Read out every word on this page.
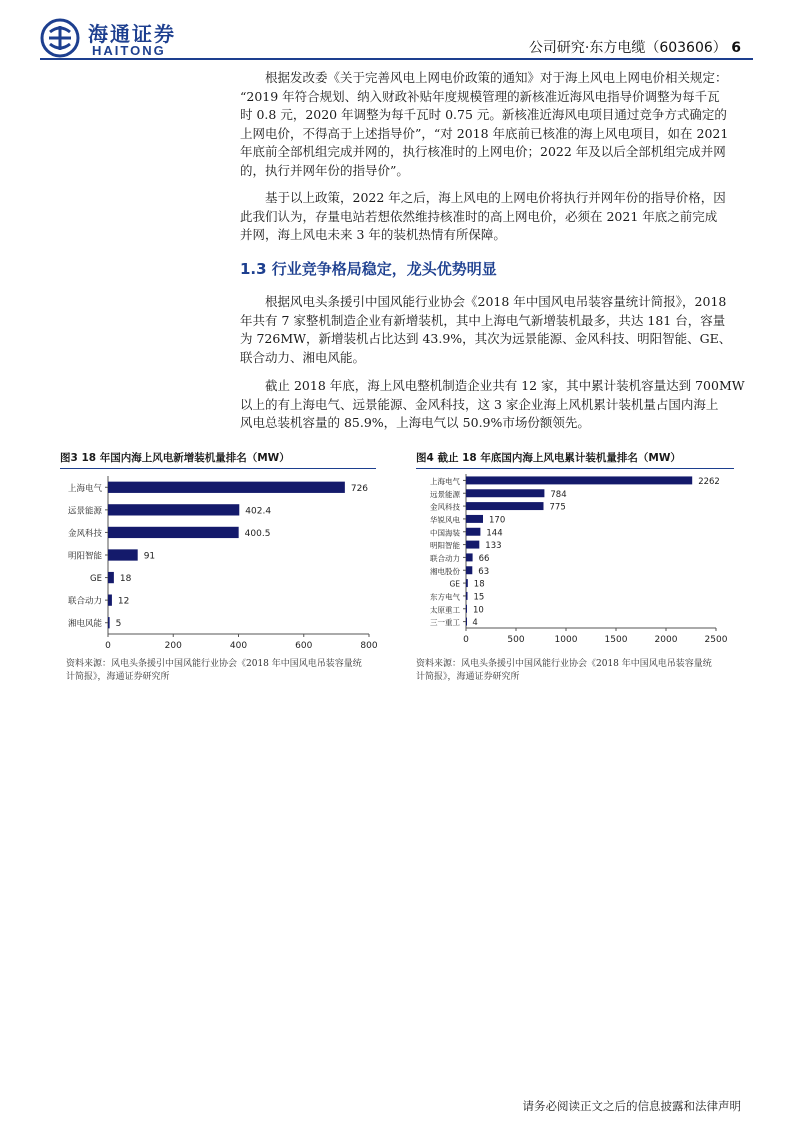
海通证券
HAITONG	公司研究·东方电缆（603606） 6

根据发改委《关于完善风电上网电价政策的通知》对于海上风电上网电价相关规定：
“2019 年符合规划、纳入财政补贴年度规模管理的新核准近海风电指导价调整为每千瓦
时 0.8 元，2020 年调整为每千瓦时 0.75 元。新核准近海风电项目通过竞争方式确定的
上网电价，不得高于上述指导价”，“对 2018 年底前已核准的海上风电项目，如在 2021
年底前全部机组完成并网的，执行核准时的上网电价；2022 年及以后全部机组完成并网
的，执行并网年份的指导价”。

基于以上政策，2022 年之后，海上风电的上网电价将执行并网年份的指导价格，因
此我们认为，存量电站若想依然维持核准时的高上网电价，必须在 2021 年底之前完成
并网，海上风电未来 3 年的装机热情有所保障。

1.3 行业竞争格局稳定，龙头优势明显

根据风电头条援引中国风能行业协会《2018 年中国风电吊装容量统计简报》，2018
年共有 7 家整机制造企业有新增装机，其中上海电气新增装机最多，共达 181 台，容量
为 726MW，新增装机占比达到 43.9%，其次为远景能源、金风科技、明阳智能、GE、
联合动力、湘电风能。

截止 2018 年底，海上风电整机制造企业共有 12 家，其中累计装机容量达到 700MW
以上的有上海电气、远景能源、金风科技，这 3 家企业海上风机累计装机量占国内海上
风电总装机容量的 85.9%，上海电气以 50.9%市场份额领先。

图3 18 年国内海上风电新增装机量排名（MW）
0	200	400	600	800
上海电气	726
远景能源	402.4
金风科技	400.5
明阳智能	91
GE 18
联合动力 12
湘电风能 5
资料来源：风电头条援引中国风能行业协会《2018 年中国风电吊装容量统
计简报》，海通证券研究所
图4 截止 18 年底国内海上风电累计装机量排名（MW）
0	500	1000	1500	2000	2500
上海电气	2262
远景能源	784
金风科技	775
华锐风电	170
中国海装	144
明阳智能	133
联合动力 66
湘电股份 63
GE 18
东方电气 15
太原重工 10
三一重工 4
资料来源：风电头条援引中国风能行业协会《2018 年中国风电吊装容量统
计简报》，海通证券研究所
请务必阅读正文之后的信息披露和法律声明
